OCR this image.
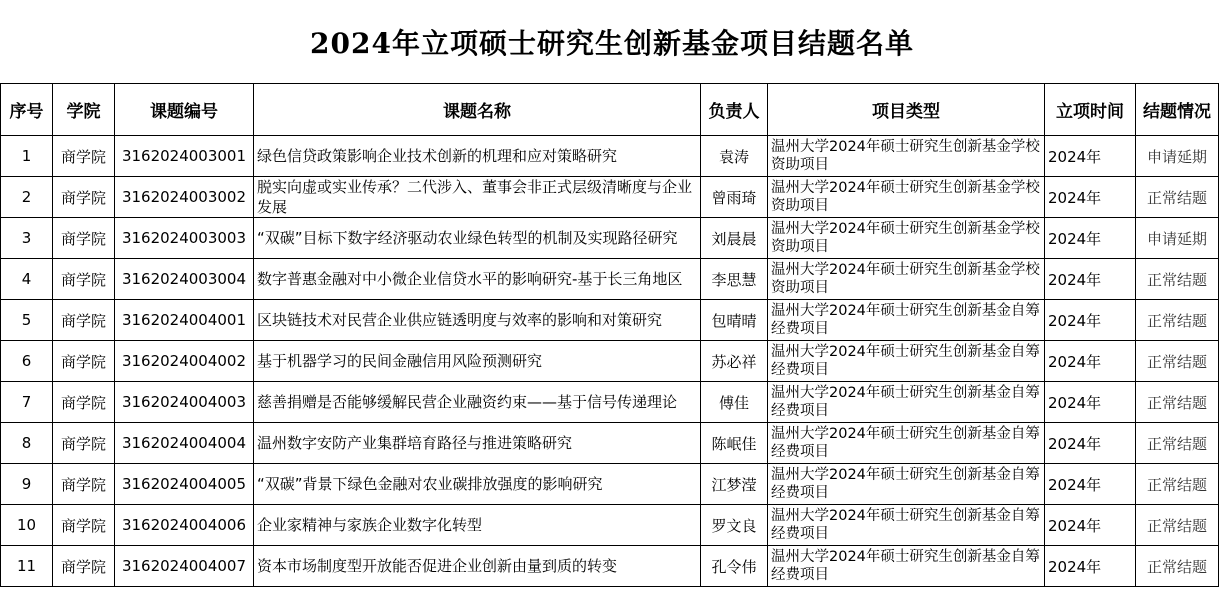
2024年立项硕士研究生创新基金项目结题名单
序号	学院	课题编号	课题名称	负责人	项目类型	立项时间	结题情况
1	商学院	3162024003001	绿色信贷政策影响企业技术创新的机理和应对策略研究	袁涛	温州大学2024年硕士研究生创新基金学校资助项目	2024年	申请延期
2	商学院	3162024003002	脱实向虚或实业传承？二代涉入、董事会非正式层级清晰度与企业发展	曾雨琦	温州大学2024年硕士研究生创新基金学校资助项目	2024年	正常结题
3	商学院	3162024003003	“双碳”目标下数字经济驱动农业绿色转型的机制及实现路径研究	刘晨晨	温州大学2024年硕士研究生创新基金学校资助项目	2024年	申请延期
4	商学院	3162024003004	数字普惠金融对中小微企业信贷水平的影响研究-基于长三角地区	李思慧	温州大学2024年硕士研究生创新基金学校资助项目	2024年	正常结题
5	商学院	3162024004001	区块链技术对民营企业供应链透明度与效率的影响和对策研究	包晴晴	温州大学2024年硕士研究生创新基金自筹经费项目	2024年	正常结题
6	商学院	3162024004002	基于机器学习的民间金融信用风险预测研究	苏必祥	温州大学2024年硕士研究生创新基金自筹经费项目	2024年	正常结题
7	商学院	3162024004003	慈善捐赠是否能够缓解民营企业融资约束——基于信号传递理论	傅佳	温州大学2024年硕士研究生创新基金自筹经费项目	2024年	正常结题
8	商学院	3162024004004	温州数字安防产业集群培育路径与推进策略研究	陈岷佳	温州大学2024年硕士研究生创新基金自筹经费项目	2024年	正常结题
9	商学院	3162024004005	“双碳”背景下绿色金融对农业碳排放强度的影响研究	江梦滢	温州大学2024年硕士研究生创新基金自筹经费项目	2024年	正常结题
10	商学院	3162024004006	企业家精神与家族企业数字化转型	罗文良	温州大学2024年硕士研究生创新基金自筹经费项目	2024年	正常结题
11	商学院	3162024004007	资本市场制度型开放能否促进企业创新由量到质的转变	孔令伟	温州大学2024年硕士研究生创新基金自筹经费项目	2024年	正常结题
